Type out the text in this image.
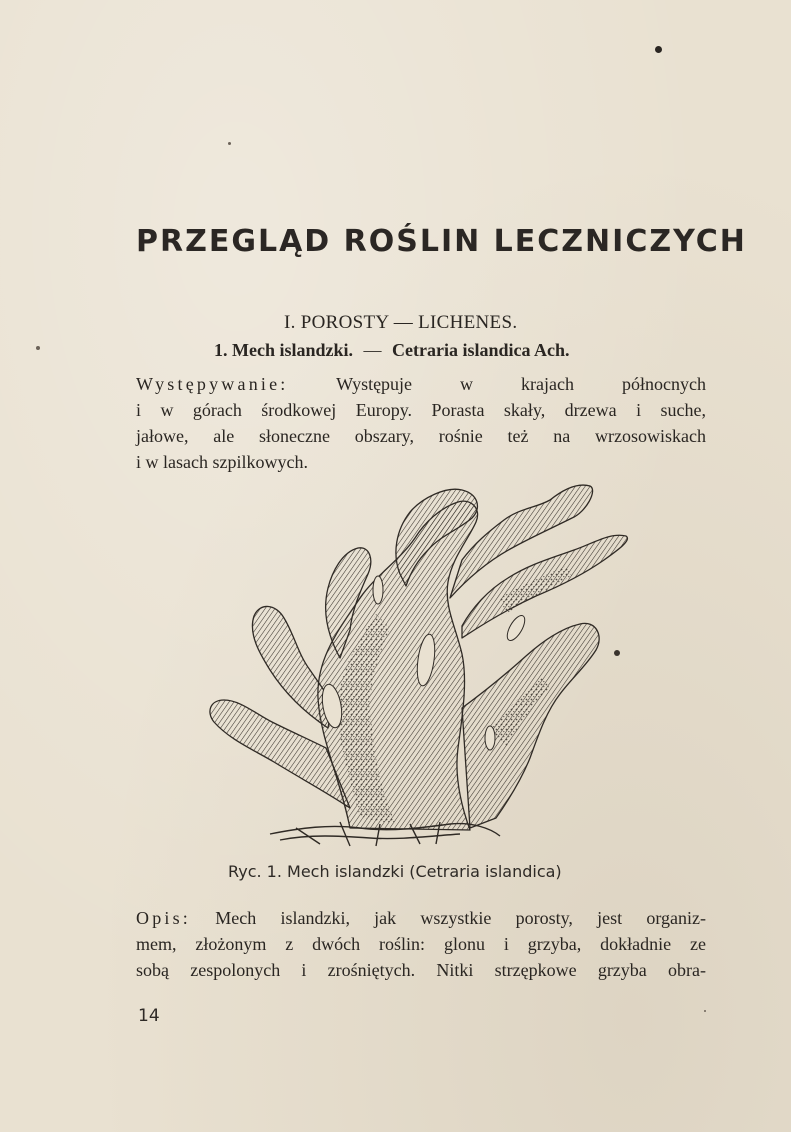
PRZEGLĄD ROŚLIN LECZNICZYCH
I. POROSTY — LICHENES.
1. Mech islandzki. — Cetraria islandica Ach.
Występywanie:	Występuje w krajach północnych
i w górach środkowej Europy. Porasta skały, drzewa i suche,
jałowe, ale słoneczne obszary, rośnie też na wrzosowiskach
i w lasach szpilkowych.
Ryc. 1. Mech islandzki (Cetraria islandica)
Opis: Mech islandzki, jak wszystkie porosty, jest organiz-
mem, złożonym z dwóch roślin: glonu i grzyba, dokładnie ze
sobą zespolonych i zrośniętych. Nitki strzępkowe grzyba obra-
14
